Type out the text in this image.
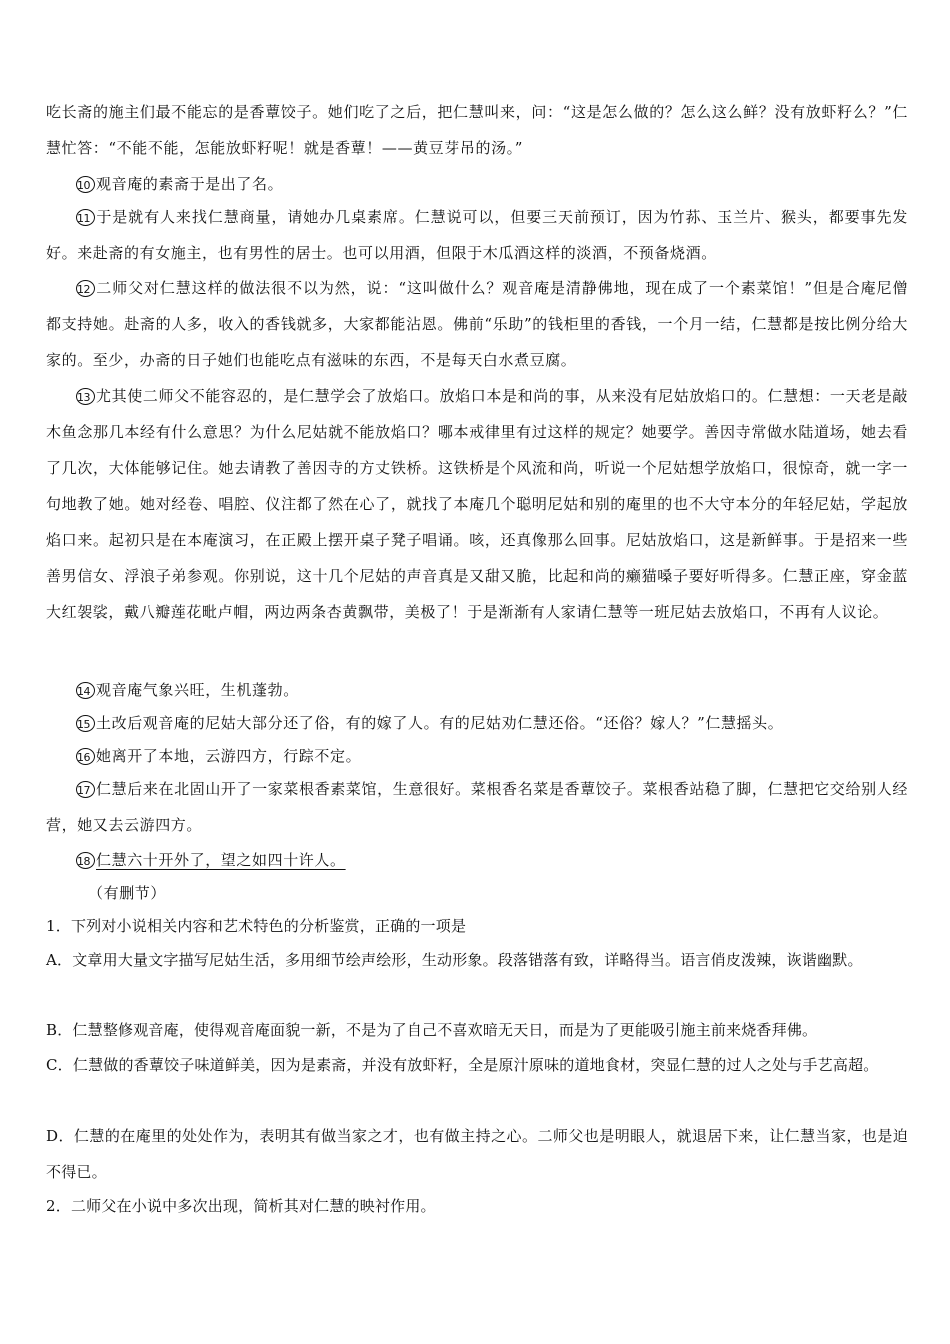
吃长斋的施主们最不能忘的是香蕈饺子。她们吃了之后，把仁慧叫来，问：“这是怎么做的？怎么这么鲜？没有放虾籽么？”仁慧忙答：“不能不能，怎能放虾籽呢！就是香蕈！——黄豆芽吊的汤。”

10 观音庵的素斋于是出了名。

11 于是就有人来找仁慧商量，请她办几桌素席。仁慧说可以，但要三天前预订，因为竹荪、玉兰片、猴头，都要事先发好。来赴斋的有女施主，也有男性的居士。也可以用酒，但限于木瓜酒这样的淡酒，不预备烧酒。

12 二师父对仁慧这样的做法很不以为然，说：“这叫做什么？观音庵是清静佛地，现在成了一个素菜馆！”但是合庵尼僧都支持她。赴斋的人多，收入的香钱就多，大家都能沾恩。佛前“乐助”的钱柜里的香钱，一个月一结，仁慧都是按比例分给大家的。至少，办斋的日子她们也能吃点有滋味的东西，不是每天白水煮豆腐。

13 尤其使二师父不能容忍的，是仁慧学会了放焰口。放焰口本是和尚的事，从来没有尼姑放焰口的。仁慧想：一天老是敲木鱼念那几本经有什么意思？为什么尼姑就不能放焰口？哪本戒律里有过这样的规定？她要学。善因寺常做水陆道场，她去看了几次，大体能够记住。她去请教了善因寺的方丈铁桥。这铁桥是个风流和尚，听说一个尼姑想学放焰口，很惊奇，就一字一句地教了她。她对经卷、唱腔、仪注都了然在心了，就找了本庵几个聪明尼姑和别的庵里的也不大守本分的年轻尼姑，学起放焰口来。起初只是在本庵演习，在正殿上摆开桌子凳子唱诵。咳，还真像那么回事。尼姑放焰口，这是新鲜事。于是招来一些善男信女、浮浪子弟参观。你别说，这十几个尼姑的声音真是又甜又脆，比起和尚的癞猫嗓子要好听得多。仁慧正座，穿金蓝大红袈裟，戴八瓣莲花毗卢帽，两边两条杏黄飘带，美极了！于是渐渐有人家请仁慧等一班尼姑去放焰口，不再有人议论。

14 观音庵气象兴旺，生机蓬勃。

15 土改后观音庵的尼姑大部分还了俗，有的嫁了人。有的尼姑劝仁慧还俗。“还俗？嫁人？”仁慧摇头。

16 她离开了本地，云游四方，行踪不定。

17 仁慧后来在北固山开了一家菜根香素菜馆，生意很好。菜根香名菜是香蕈饺子。菜根香站稳了脚，仁慧把它交给别人经营，她又去云游四方。

18 仁慧六十开外了，望之如四十许人。

（有删节）

1．下列对小说相关内容和艺术特色的分析鉴赏，正确的一项是

A．文章用大量文字描写尼姑生活，多用细节绘声绘形，生动形象。段落错落有致，详略得当。语言俏皮泼辣，诙谐幽默。

B．仁慧整修观音庵，使得观音庵面貌一新，不是为了自己不喜欢暗无天日，而是为了更能吸引施主前来烧香拜佛。

C．仁慧做的香蕈饺子味道鲜美，因为是素斋，并没有放虾籽，全是原汁原味的道地食材，突显仁慧的过人之处与手艺高超。

D．仁慧的在庵里的处处作为，表明其有做当家之才，也有做主持之心。二师父也是明眼人，就退居下来，让仁慧当家，也是迫不得已。

2．二师父在小说中多次出现，简析其对仁慧的映衬作用。
